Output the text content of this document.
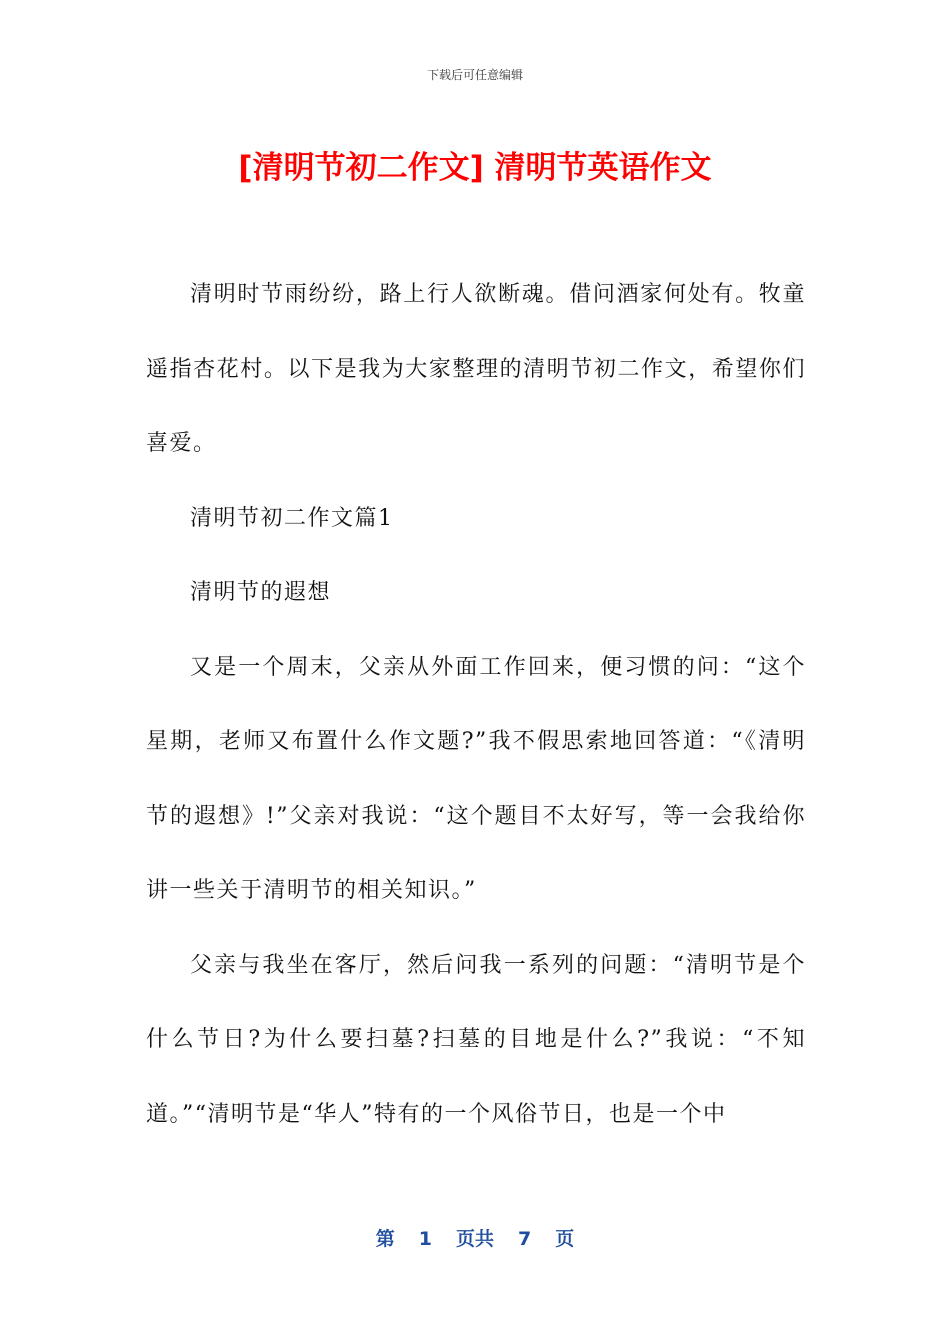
下载后可任意编辑
[清明节初二作文] 清明节英语作文

清明时节雨纷纷，路上行人欲断魂。借问酒家何处有。牧童遥指杏花村。以下是我为大家整理的清明节初二作文，希望你们喜爱。

清明节初二作文篇1

清明节的遐想

又是一个周末，父亲从外面工作回来，便习惯的问：“这个星期，老师又布置什么作文题?”我不假思索地回答道：“《清明节的遐想》!”父亲对我说：“这个题目不太好写，等一会我给你讲一些关于清明节的相关知识。”

父亲与我坐在客厅，然后问我一系列的问题：“清明节是个什么节日?为什么要扫墓?扫墓的目地是什么?”我说：“不知道。”“清明节是“华人”特有的一个风俗节日，也是一个中

第 1 页共 7 页
